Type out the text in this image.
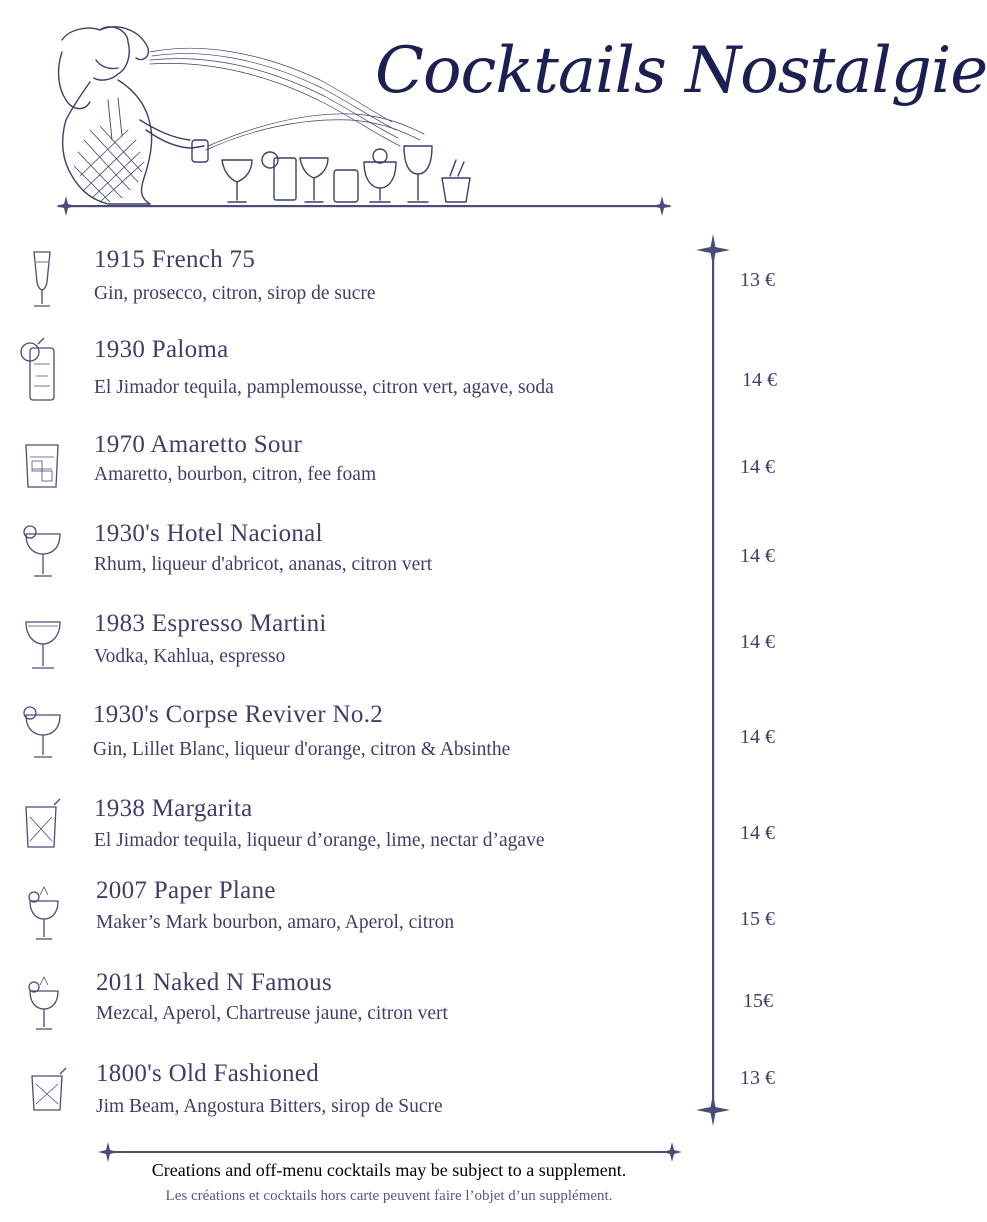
Cocktails Nostalgie
1915 French 75
Gin, prosecco, citron, sirop de sucre
1930 Paloma
El Jimador tequila, pamplemousse, citron vert, agave, soda
1970 Amaretto Sour
Amaretto, bourbon, citron, fee foam
1930's Hotel Nacional
Rhum, liqueur d'abricot, ananas, citron vert
1983 Espresso Martini
Vodka, Kahlua, espresso
1930's Corpse Reviver No.2
Gin, Lillet Blanc, liqueur d'orange, citron & Absinthe
1938 Margarita
El Jimador tequila, liqueur d’orange, lime, nectar d’agave
2007 Paper Plane
Maker’s Mark bourbon, amaro, Aperol, citron
2011 Naked N Famous
Mezcal, Aperol, Chartreuse jaune, citron vert
1800's Old Fashioned
Jim Beam, Angostura Bitters, sirop de Sucre
13 €
14 €
14 €
14 €
14 €
14 €
14 €
15 €
15€
13 €
Creations and off-menu cocktails may be subject to a supplement.
Les créations et cocktails hors carte peuvent faire l’objet d’un supplément.
